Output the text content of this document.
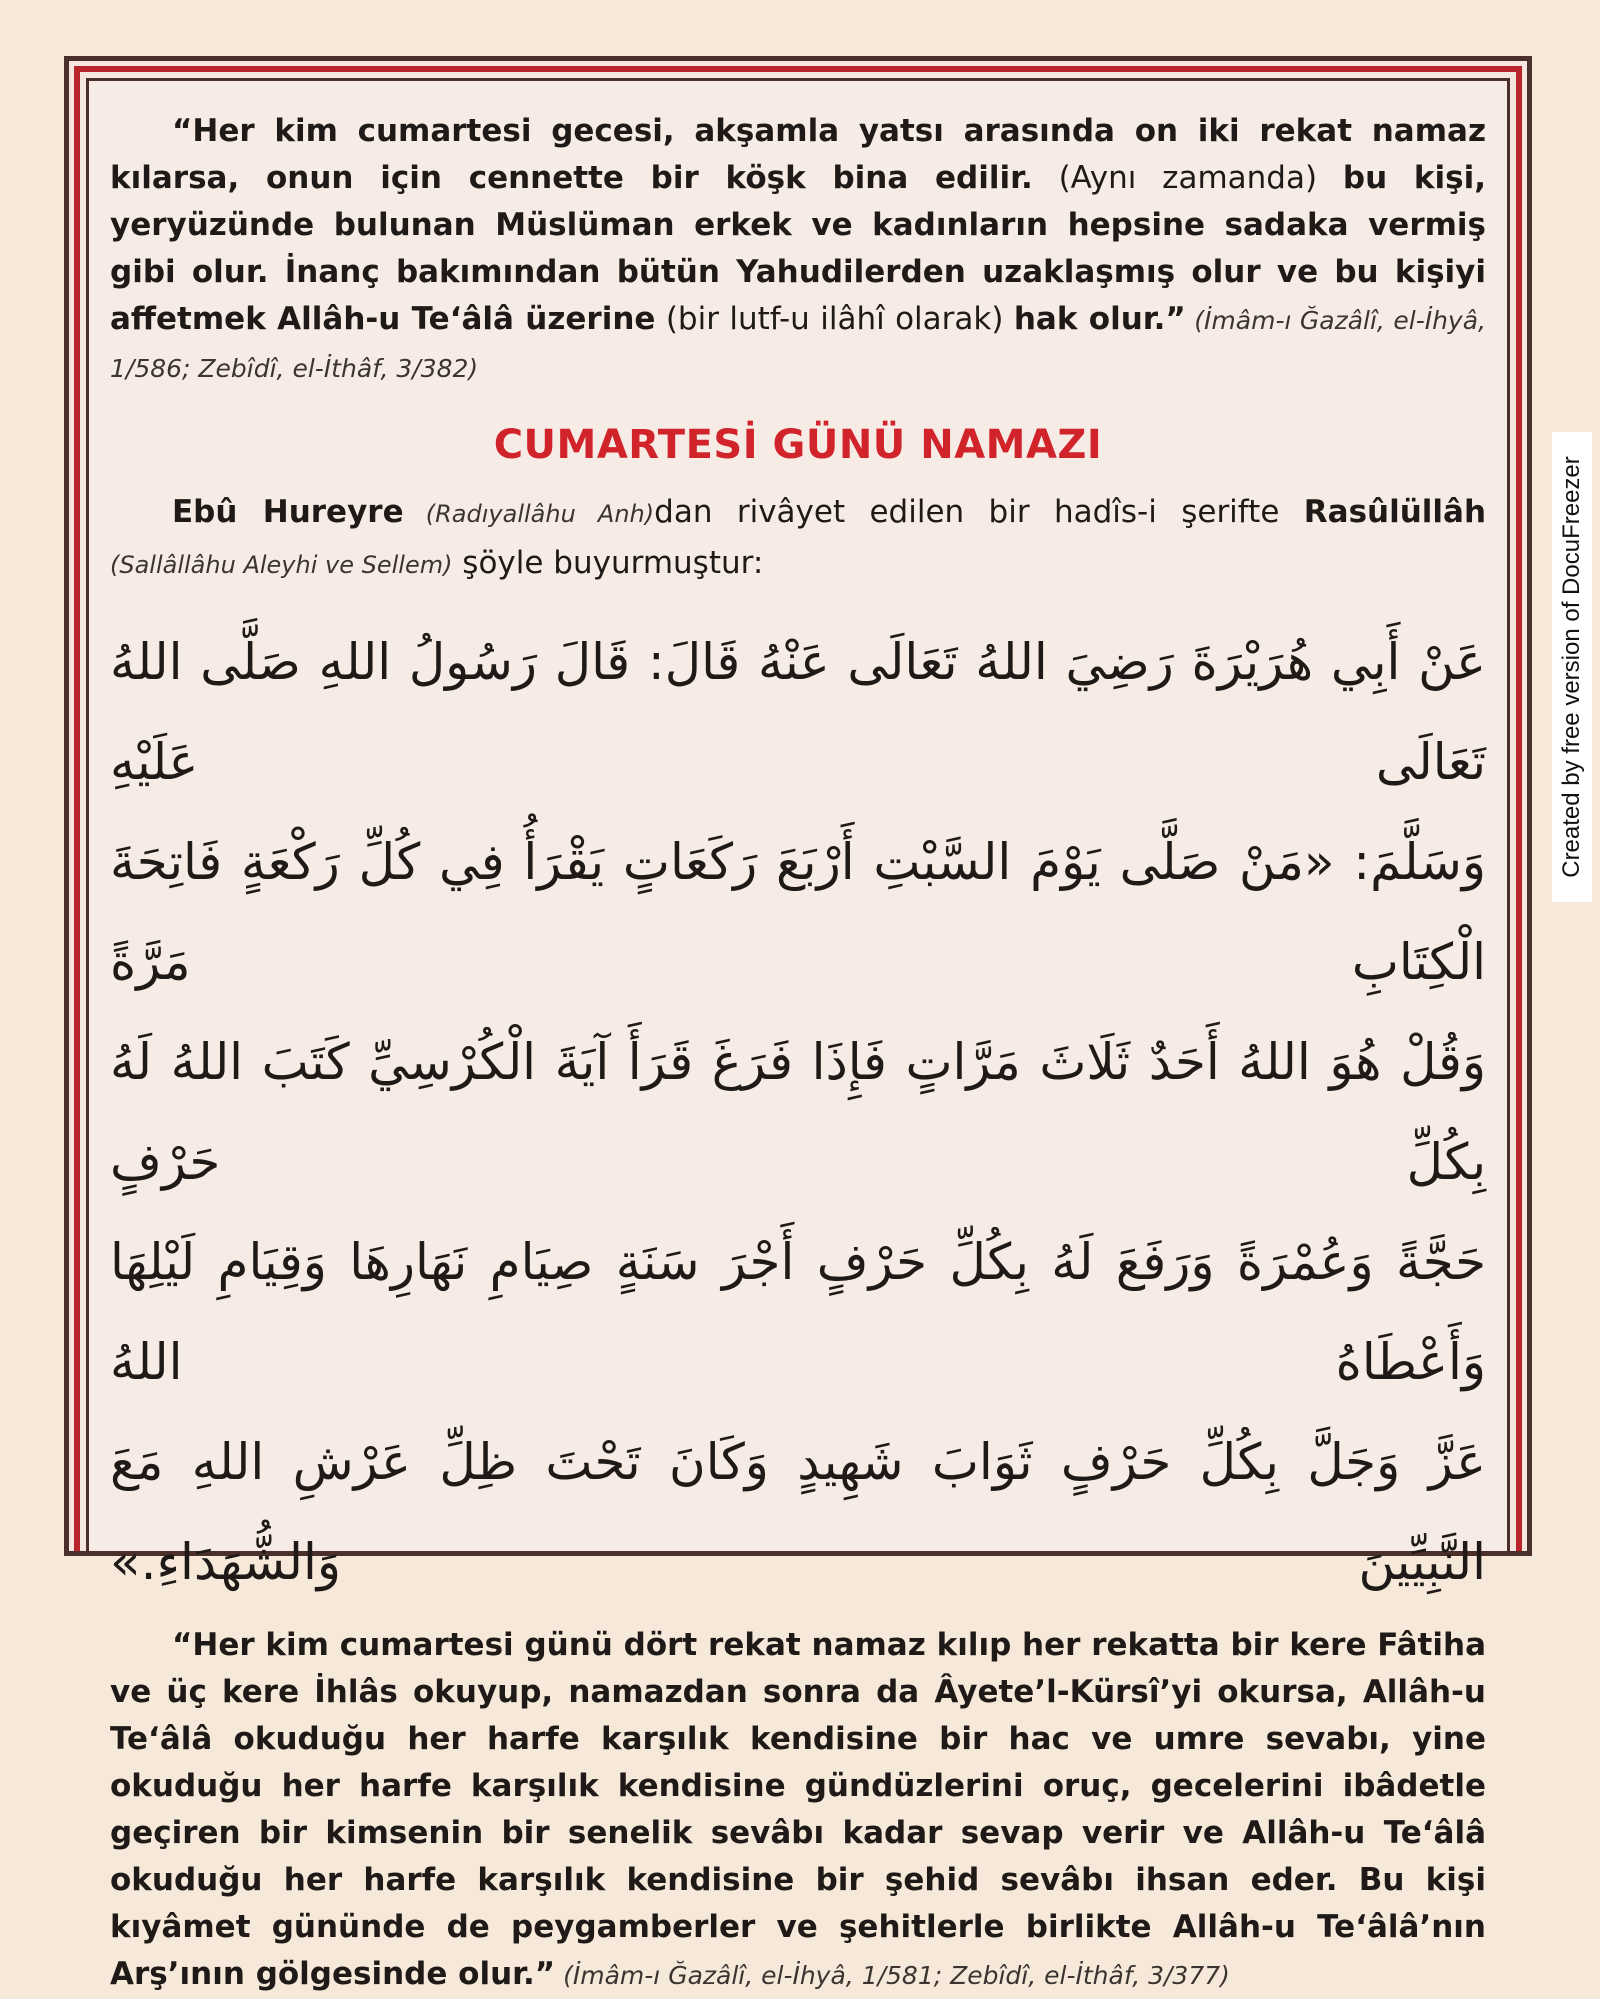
“Her kim cumartesi gecesi, akşamla yatsı arasında on iki rekat namaz kılarsa, onun için cennette bir köşk bina edilir. (Aynı zamanda) bu kişi, yeryüzünde bulunan Müslüman erkek ve kadınların hepsine sadaka vermiş gibi olur. İnanç bakımından bütün Yahudilerden uzaklaşmış olur ve bu kişiyi affetmek Allâh-u Te‘âlâ üzerine (bir lutf-u ilâhî olarak) hak olur.” (İmâm-ı Ğazâlî, el-İhyâ, 1/586; Zebîdî, el-İthâf, 3/382)

CUMARTESİ GÜNÜ NAMAZI

Ebû Hureyre (Radıyallâhu Anh)dan rivâyet edilen bir hadîs-i şerifte Rasûlüllâh (Sallâllâhu Aleyhi ve Sellem) şöyle buyurmuştur:

عَنْ أَبِي هُرَيْرَةَ رَضِيَ اللهُ تَعَالَى عَنْهُ قَالَ: قَالَ رَسُولُ اللهِ صَلَّى اللهُ تَعَالَى عَلَيْهِ
وَسَلَّمَ: «مَنْ صَلَّى يَوْمَ السَّبْتِ أَرْبَعَ رَكَعَاتٍ يَقْرَأُ فِي كُلِّ رَكْعَةٍ فَاتِحَةَ الْكِتَابِ مَرَّةً
وَقُلْ هُوَ اللهُ أَحَدٌ ثَلَاثَ مَرَّاتٍ فَإِذَا فَرَغَ قَرَأَ آيَةَ الْكُرْسِيِّ كَتَبَ اللهُ لَهُ بِكُلِّ حَرْفٍ
حَجَّةً وَعُمْرَةً وَرَفَعَ لَهُ بِكُلِّ حَرْفٍ أَجْرَ سَنَةٍ صِيَامِ نَهَارِهَا وَقِيَامِ لَيْلِهَا وَأَعْطَاهُ اللهُ
عَزَّ وَجَلَّ بِكُلِّ حَرْفٍ ثَوَابَ شَهِيدٍ وَكَانَ تَحْتَ ظِلِّ عَرْشِ اللهِ مَعَ النَّبِيِّينَ وَالشُّهَدَاءِ.»

“Her kim cumartesi günü dört rekat namaz kılıp her rekatta bir kere Fâtiha ve üç kere İhlâs okuyup, namazdan sonra da Âyete’l-Kürsî’yi okursa, Allâh-u Te‘âlâ okuduğu her harfe karşılık kendisine bir hac ve umre sevabı, yine okuduğu her harfe karşılık kendisine gündüzlerini oruç, gecelerini ibâdetle geçiren bir kimsenin bir senelik sevâbı kadar sevap verir ve Allâh-u Te‘âlâ okuduğu her harfe karşılık kendisine bir şehid sevâbı ihsan eder. Bu kişi kıyâmet gününde de peygamberler ve şehitlerle birlikte Allâh-u Te‘âlâ’nın Arş’ının gölgesinde olur.” (İmâm-ı Ğazâlî, el-İhyâ, 1/581; Zebîdî, el-İthâf, 3/377)

Created by free version of DocuFreezer
